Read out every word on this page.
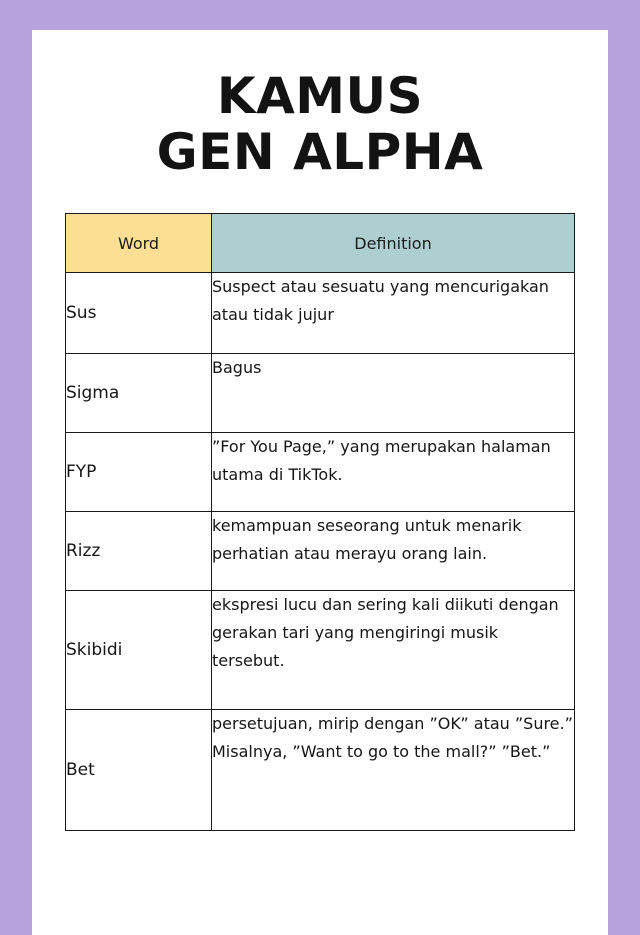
KAMUS
GEN ALPHA
Word	Definition

Sus	Suspect atau sesuatu yang mencurigakan atau tidak jujur

Sigma	Bagus

FYP	”For You Page,” yang merupakan halaman utama di TikTok.

Rizz	kemampuan seseorang untuk menarik perhatian atau merayu orang lain.

Skibidi	ekspresi lucu dan sering kali diikuti dengan gerakan tari yang mengiringi musik tersebut.

Bet	persetujuan, mirip dengan ”OK” atau ”Sure.” Misalnya, ”Want to go to the mall?” ”Bet.”
